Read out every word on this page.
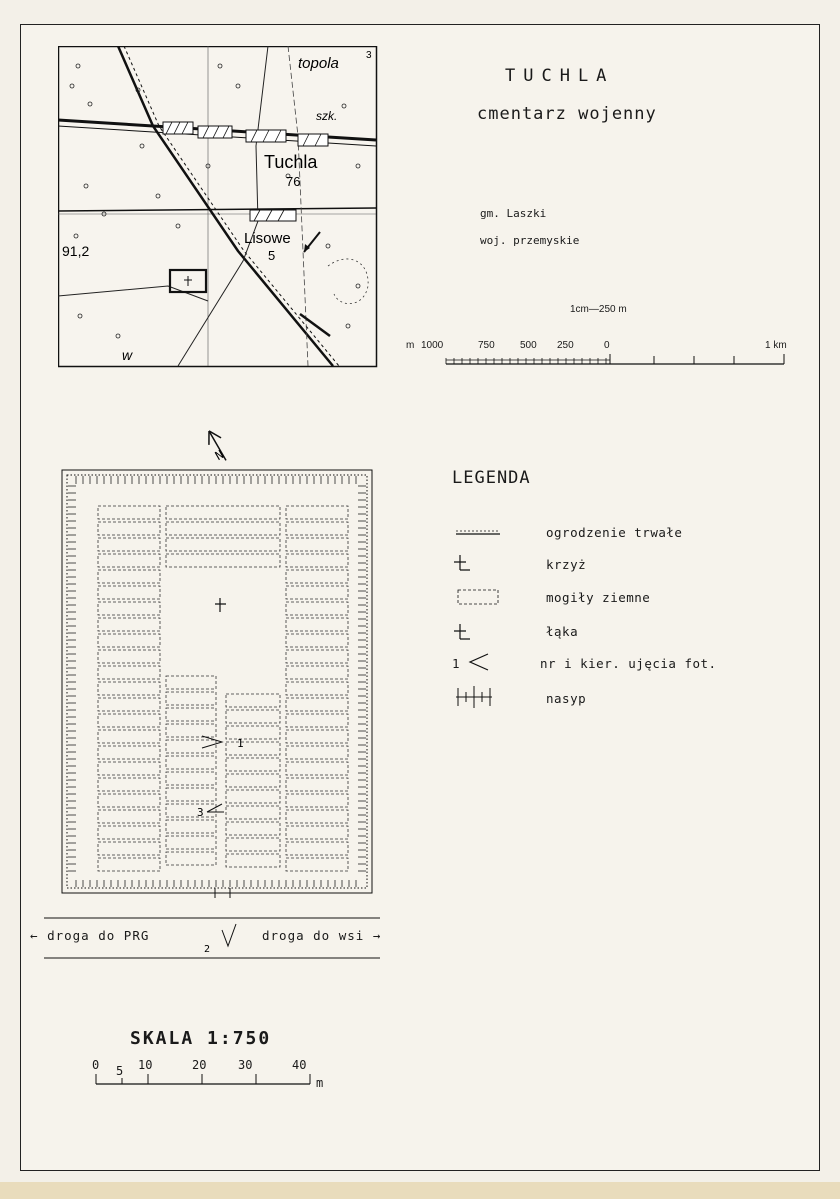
topola	3
szk.
Tuchla
76
Lisowe
5
91,2
w
TUCHLA
cmentarz wojenny
gm. Laszki
woj. przemyskie
1cm—250 m
m 1000	750	500 250	0	1 km
N
1
3
2
← droga do PRG	droga do wsi →
LEGENDA
1
ogrodzenie trwałe
krzyż
mogiły ziemne
łąka
nr i kier. ujęcia fot.
nasyp
SKALA 1:750
0 5 10	20	30	40
m
